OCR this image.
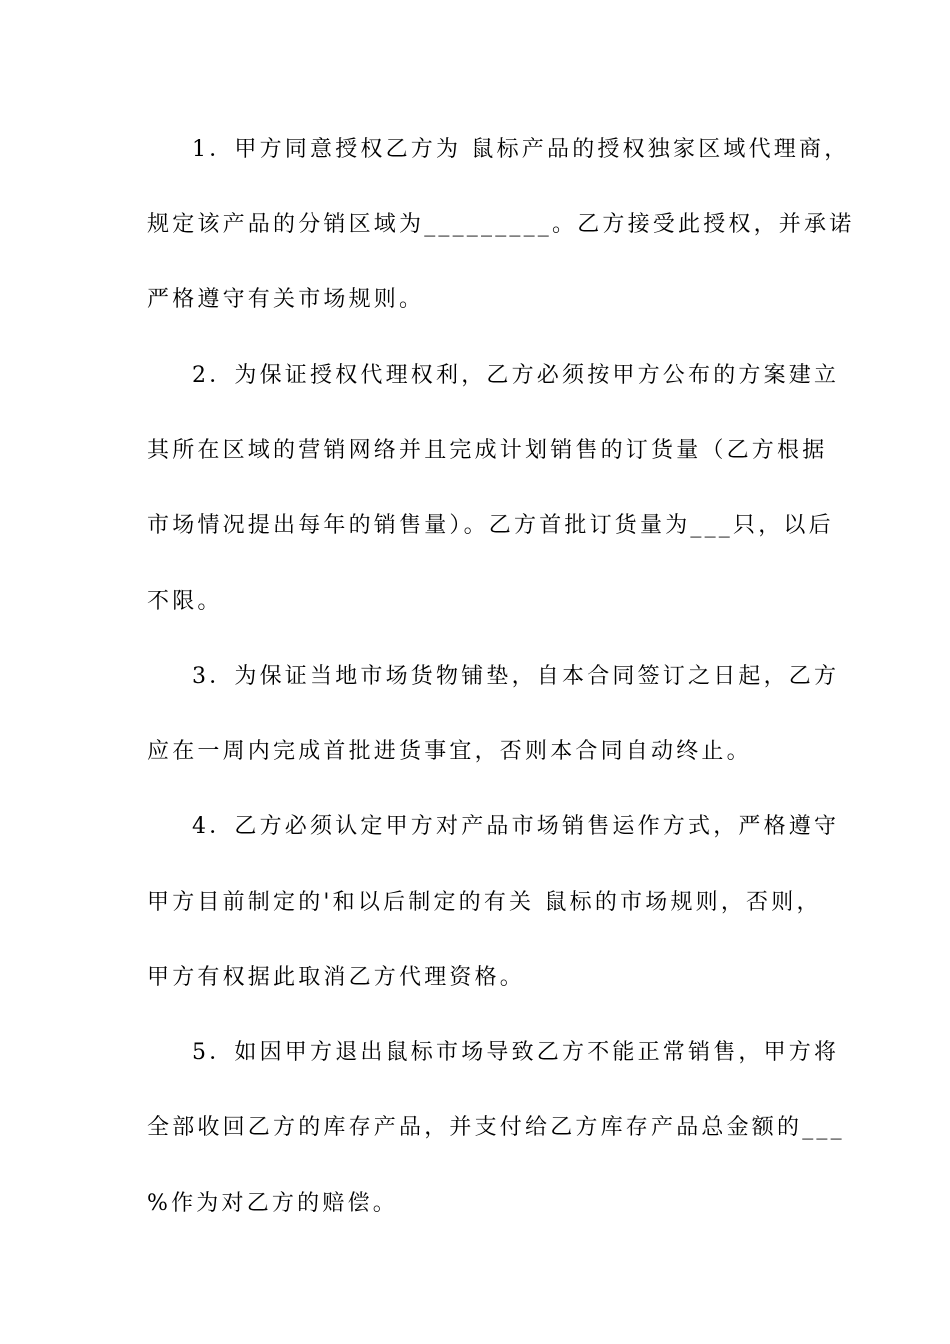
1．甲方同意授权乙方为 鼠标产品的授权独家区域代理商，
规定该产品的分销区域为_________。乙方接受此授权，并承诺
严格遵守有关市场规则。
2．为保证授权代理权利，乙方必须按甲方公布的方案建立
其所在区域的营销网络并且完成计划销售的订货量（乙方根据
市场情况提出每年的销售量）。乙方首批订货量为___只，以后
不限。
3．为保证当地市场货物铺垫，自本合同签订之日起，乙方
应在一周内完成首批进货事宜，否则本合同自动终止。
4．乙方必须认定甲方对产品市场销售运作方式，严格遵守
甲方目前制定的'和以后制定的有关 鼠标的市场规则，否则，
甲方有权据此取消乙方代理资格。
5．如因甲方退出鼠标市场导致乙方不能正常销售，甲方将
全部收回乙方的库存产品，并支付给乙方库存产品总金额的___
%作为对乙方的赔偿。
